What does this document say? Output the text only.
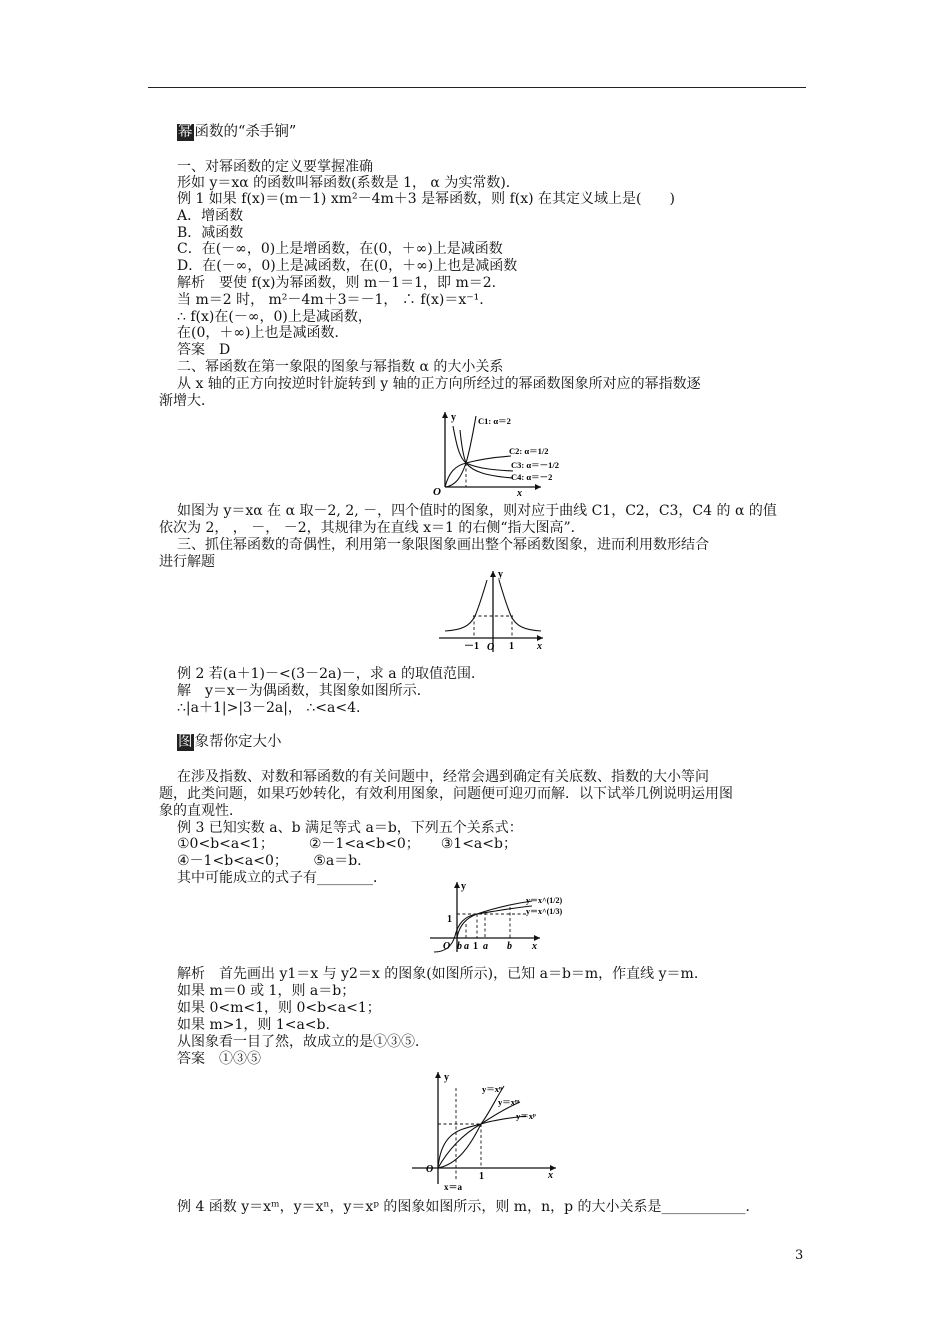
幂 函数的“杀手锏”
一、对幂函数的定义要掌握准确
形如 y＝xα 的函数叫幂函数(系数是 1， α 为实常数)．
例 1 如果 f(x)＝(m－1) xm²－4m＋3 是幂函数，则 f(x) 在其定义域上是(　　)
A．增函数
B．减函数
C．在(－∞，0)上是增函数，在(0，＋∞)上是减函数
D．在(－∞，0)上是减函数，在(0，＋∞)上也是减函数
解析　要使 f(x)为幂函数，则 m－1＝1，即 m＝2.
当 m＝2 时， m²－4m＋3＝－1， ∴ f(x)＝x⁻¹.
∴ f(x)在(－∞，0)上是减函数，
在(0，＋∞)上也是减函数．
答案　D
二、幂函数在第一象限的图象与幂指数 α 的大小关系
从 x 轴的正方向按逆时针旋转到 y 轴的正方向所经过的幂函数图象所对应的幂指数逐
渐增大．
y
O	x
C1: α＝2
C2: α＝1/2
C3: α＝－1/2
C4: α＝－2
如图为 y＝xα 在 α 取－2, 2, －，四个值时的图象，则对应于曲线 C1，C2，C3，C4 的 α 的值
依次为 2， ， －， －2，其规律为在直线 x＝1 的右侧“指大图高”．
三、抓住幂函数的奇偶性，利用第一象限图象画出整个幂函数图象，进而利用数形结合
进行解题
y
x
－1 O 1
例 2 若(a＋1)－<(3－2a)－，求 a 的取值范围．
解　y＝x－为偶函数，其图象如图所示．
∴|a＋1|>|3－2a|， ∴<a<4.
图 象帮你定大小
在涉及指数、对数和幂函数的有关问题中，经常会遇到确定有关底数、指数的大小等问
题，此类问题，如果巧妙转化，有效利用图象，问题便可迎刃而解．以下试举几例说明运用图
象的直观性．
例 3 已知实数 a、b 满足等式 a＝b，下列五个关系式：
①0<b<a<1；　　　②－1<a<b<0；　　③1<a<b；
④－1<b<a<0；　　 ⑤a＝b.
其中可能成立的式子有________．
y
1
O b a 1 a b x
y＝x^(1/2)
y＝x^(1/3)
解析　首先画出 y1＝x 与 y2＝x 的图象(如图所示)，已知 a＝b＝m，作直线 y＝m.
如果 m＝0 或 1，则 a＝b；
如果 0<m<1，则 0<b<a<1；
如果 m>1，则 1<a<b.
从图象看一目了然，故成立的是①③⑤．
答案　①③⑤
y
O
1
x＝a
x
y＝xⁿ
y＝xᵐ
y＝xᵖ
例 4 函数 y＝xᵐ，y＝xⁿ，y＝xᵖ 的图象如图所示，则 m，n，p 的大小关系是____________．
3
